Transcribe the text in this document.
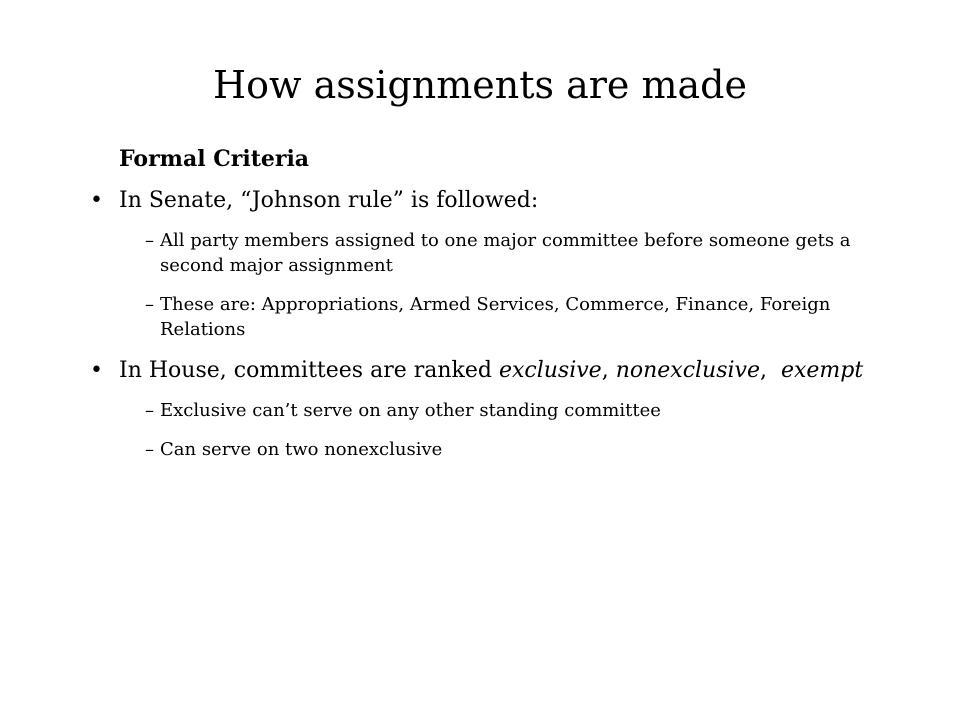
How assignments are made
Formal Criteria
• In Senate, “Johnson rule” is followed:
– All party members assigned to one major committee before someone gets a second major assignment
– These are: Appropriations, Armed Services, Commerce, Finance, Foreign Relations
• In House, committees are ranked exclusive, nonexclusive,  exempt
– Exclusive can’t serve on any other standing committee
– Can serve on two nonexclusive
